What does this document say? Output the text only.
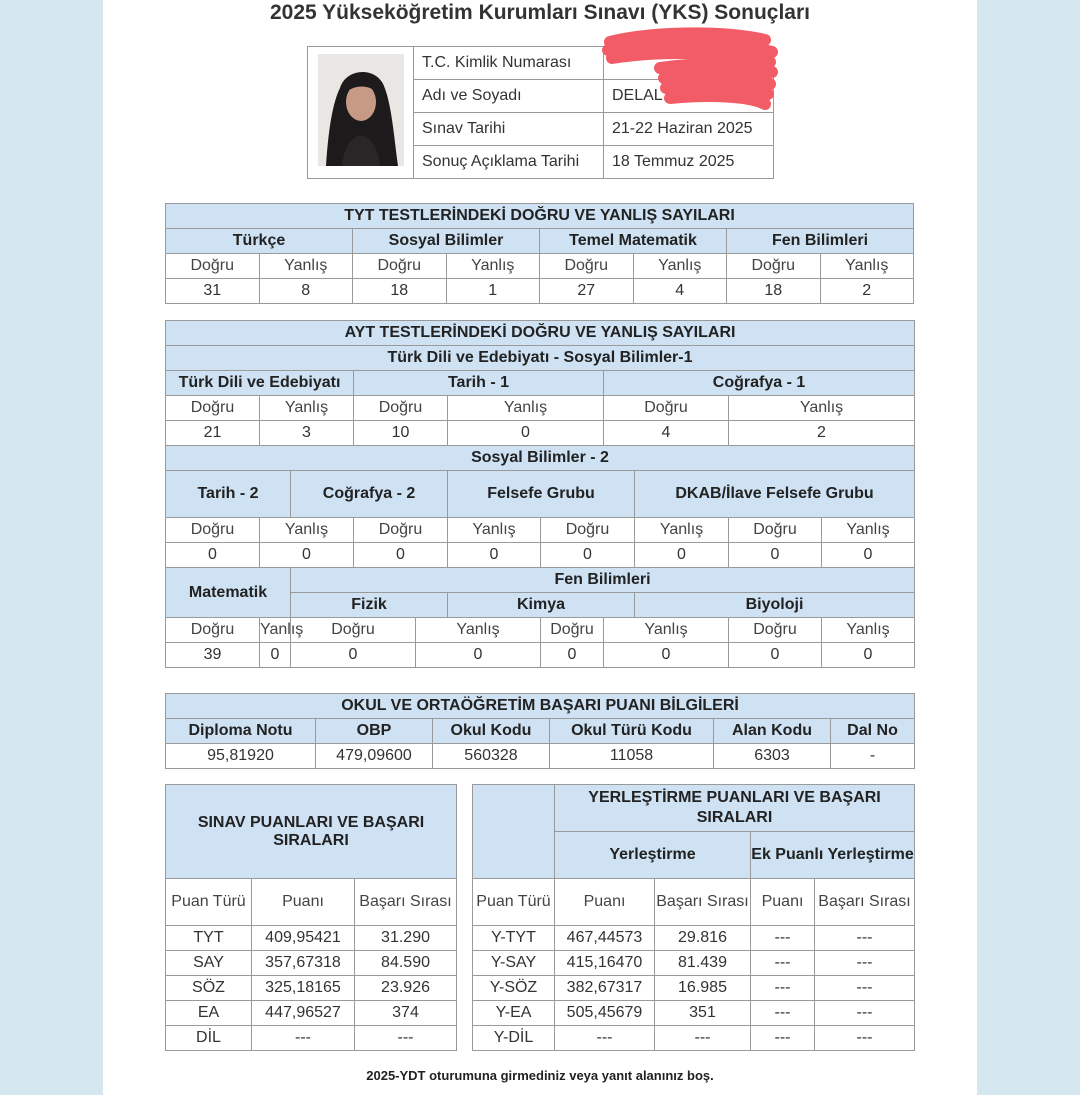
2025 Yükseköğretim Kurumları Sınavı (YKS) Sonuçları
	T.C. Kimlik Numarası	
	Adı ve Soyadı	DELAL
	Sınav Tarihi	21-22 Haziran 2025
	Sonuç Açıklama Tarihi	18 Temmuz 2025
TYT TESTLERİNDEKİ DOĞRU VE YANLIŞ SAYILARI							
Türkçe		Sosyal Bilimler		Temel Matematik		Fen Bilimleri	
Doğru	Yanlış	Doğru	Yanlış	Doğru	Yanlış	Doğru	Yanlış
31	8	18	1	27	4	18	2
AYT TESTLERİNDEKİ DOĞRU VE YANLIŞ SAYILARI										
Türk Dili ve Edebiyatı - Sosyal Bilimler-1										
Türk Dili ve Edebiyatı			Tarih - 1				Coğrafya - 1			
Doğru	Yanlış		Doğru		Yanlış		Doğru		Yanlış	
21	3		10		0		4		2	
Sosyal Bilimler - 2										
Tarih - 2		Coğrafya - 2			Felsefe Grubu			DKAB/İlave Felsefe Grubu		
Doğru	Yanlış		Doğru		Yanlış	Doğru		Yanlış	Doğru	Yanlış
0	0		0		0	0		0	0	0
Matematik		Fen Bilimleri								
		Fizik			Kimya			Biyoloji		
Doğru	Yanlış	Doğru		Yanlış		Doğru	Yanlış		Doğru	Yanlış
39	0	0		0		0	0		0	0
OKUL VE ORTAÖĞRETİM BAŞARI PUANI BİLGİLERİ					
Diploma Notu	OBP	Okul Kodu	Okul Türü Kodu	Alan Kodu	Dal No
95,81920	479,09600	560328	11058	6303	-
SINAV PUANLARI VE BAŞARI SIRALARI		
Puan Türü	Puanı	Başarı Sırası
TYT	409,95421	31.290
SAY	357,67318	84.590
SÖZ	325,18165	23.926
EA	447,96527	374
DİL	---	---
	YERLEŞTİRME PUANLARI VE BAŞARI SIRALARI			
	Yerleştirme		Ek Puanlı Yerleştirme	
Puan Türü	Puanı	Başarı Sırası	Puanı	Başarı Sırası
Y-TYT	467,44573	29.816	---	---
Y-SAY	415,16470	81.439	---	---
Y-SÖZ	382,67317	16.985	---	---
Y-EA	505,45679	351	---	---
Y-DİL	---	---	---	---
2025-YDT oturumuna girmediniz veya yanıt alanınız boş.
